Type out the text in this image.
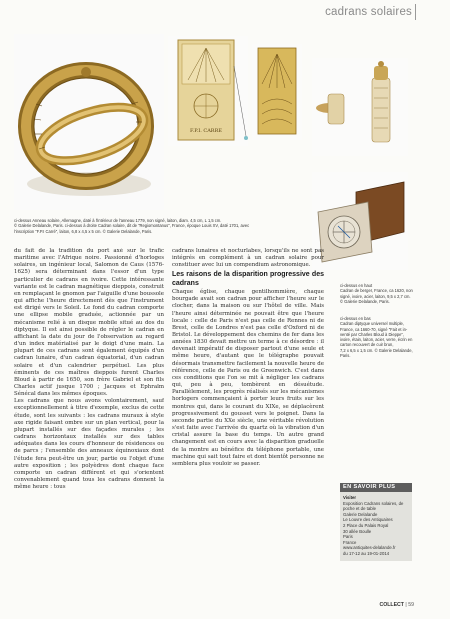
cadrans solaires
F.P.I. CARRE
ci-dessus Anneau solaire, Allemagne, daté à l'intérieur de l'anneau 1779, non signé, laiton, diam. 4,5 cm, L 1,5 cm.
© Galerie Delalande, Paris. ci-dessus à droite Cadran solaire, dit de "Regiomontanus", France, époque Louis XV, daté 1701, avec
l'inscription "F.P.I Carré", laiton, 6,8 x 4,5 x 5 cm. © Galerie Delalande, Paris.
ci-dessus en haut
Cadran de berger, France, ca 1620, non
signé, ivoire, acier, laiton, 9,5 x 2,7 cm.
© Galerie Delalande, Paris.
ci-dessus en bas
Cadran diptyque universel multiple,
France, ca 1660-70, signé "Fait et in-
venté par Charles Bloud à Dieppe",
ivoire, étain, laiton, acier, verre, écrin en
carton recouvert de cuir brun,
7,2 x 6,5 x 1,5 cm. © Galerie Delalande,
Paris.

du fait de la tradition du port axé sur le trafic maritime avec l'Afrique noire. Passionné d'horloges solaires, un ingénieur local, Salomon de Caus (1576-1625) sera déterminant dans l'essor d'un type particulier de cadrans en ivoire. Cette intéressante variante est le cadran magnétique dieppois, construit en remplaçant le gnomon par l'aiguille d'une boussole qui affiche l'heure directement dès que l'instrument est dirigé vers le Soleil. Le fond du cadran comporte une ellipse mobile graduée, actionnée par un mécanisme relié à un disque mobile situé au dos du diptyque. Il est ainsi possible de régler le cadran en affichant la date du jour de l'observation au regard d'un index matérialisé par le doigt d'une main. La plupart de ces cadrans sont également équipés d'un cadran lunaire, d'un cadran équatorial, d'un cadran solaire et d'un calendrier perpétuel. Les plus éminents de ces maîtres dieppois furent Charles Bloud à partir de 1650, son frère Gabriel et son fils Charles actif jusque 1700 ; Jacques et Ephraïm Sénécal dans les mêmes époques.

Les cadrans que nous avons volontairement, sauf exceptionnellement à titre d'exemple, exclus de cette étude, sont les suivants : les cadrans muraux à style axe rigide faisant ombre sur un plan vertical, pour la plupart installés sur des façades murales ; les cadrans horizontaux installés sur des tables adéquates dans les cours d'honneur de résidences ou de parcs ; l'ensemble des anneaux équinoxiaux dont l'étude fera peut-être un jour, partie ou l'objet d'une autre exposition ; les polyèdres dont chaque face comporte un cadran différent et qui s'orientent convenablement quand tous les cadrans donnent la même heure : tous

cadrans lunaires et nocturlabes, lorsqu'ils ne sont pas intégrés en complément à un cadran solaire pour constituer avec lui un compendium astronomique.

Les raisons de la disparition progressive des cadrans

Chaque église, chaque gentilhommière, chaque bourgade avait son cadran pour afficher l'heure sur le clocher, dans la maison ou sur l'hôtel de ville. Mais l'heure ainsi déterminée ne pouvait être que l'heure locale : celle de Paris n'est pas celle de Rennes ni de Brest, celle de Londres n'est pas celle d'Oxford ni de Bristol. Le développement des chemins de fer dans les années 1830 devait mettre un terme à ce désordre : il devenait impératif de disposer partout d'une seule et même heure, d'autant que le télégraphe pouvait désormais transmettre facilement la nouvelle heure de référence, celle de Paris ou de Greenwich. C'est dans ces conditions que l'on se mit à négliger les cadrans qui, peu à peu, tombèrent en désuétude. Parallèlement, les progrès réalisés sur les mécanismes horlogers commençaient à porter leurs fruits sur les montres qui, dans le courant du XIXe, se déplacèrent progressivement du gousset vers le poignet. Dans la seconde partie du XXe siècle, une véritable révolution s'est faite avec l'arrivée du quartz où la vibration d'un cristal assure la base du temps. Un autre grand changement est en cours avec la disparition graduelle de la montre au bénéfice du téléphone portable, une machine qui sait tout faire et dont bientôt personne ne semblera plus vouloir se passer.

EN SAVOIR PLUS
Visiter
Exposition Cadrans solaires, de
poche et de table
Galerie Delalande
Le Louvre des Antiquaires
2 Place du Palais Royal
30 allée Boulle
Paris
France
www.antiquites-delalande.fr
du 17-12 au 19-01-2014
COLLECT | 59
